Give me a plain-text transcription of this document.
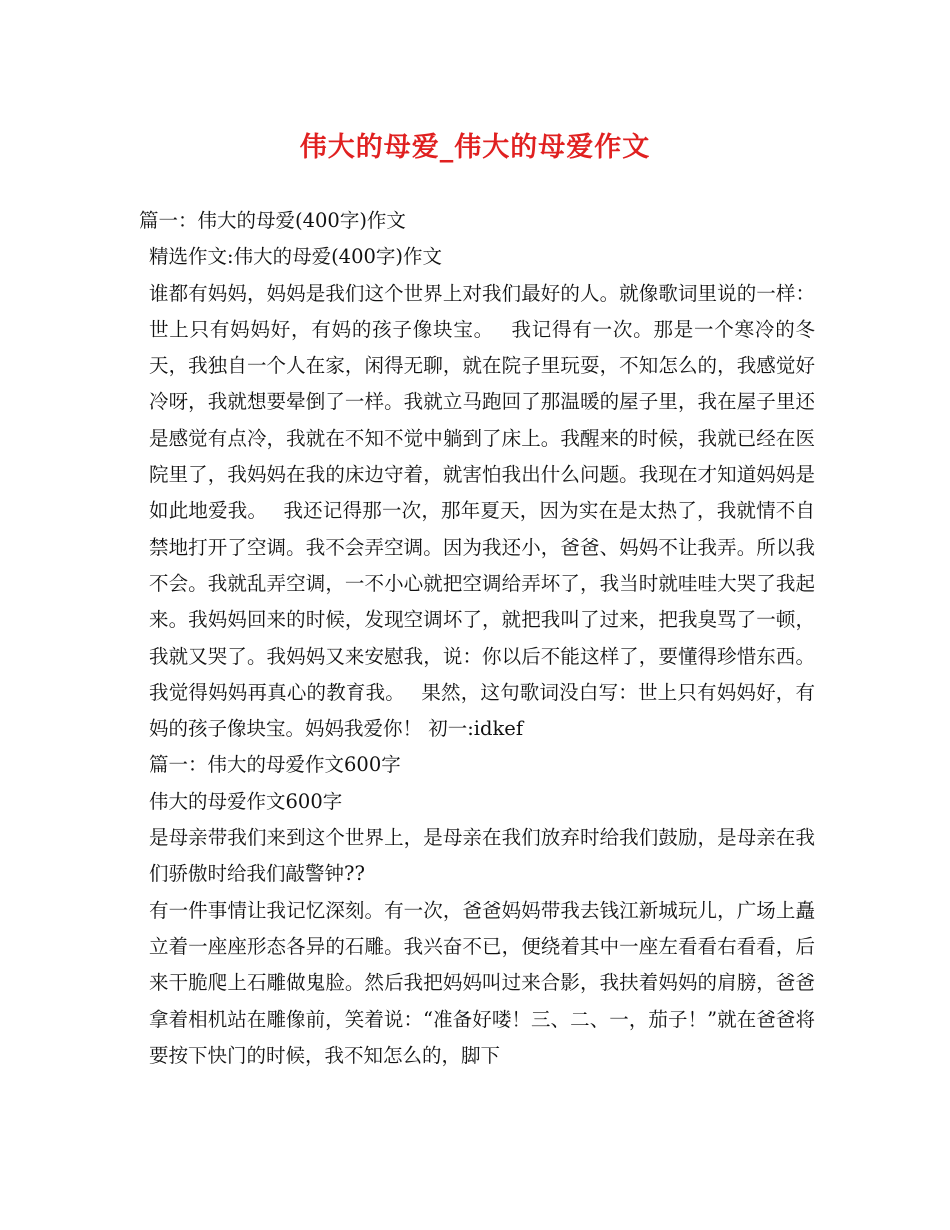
伟大的母爱_伟大的母爱作文

篇一：伟大的母爱(400字)作文

精选作文:伟大的母爱(400字)作文

谁都有妈妈，妈妈是我们这个世界上对我们最好的人。就像歌词里说的一样：世上只有妈妈好，有妈的孩子像块宝。　 我记得有一次。那是一个寒冷的冬天，我独自一个人在家，闲得无聊，就在院子里玩耍，不知怎么的，我感觉好冷呀，我就想要晕倒了一样。我就立马跑回了那温暖的屋子里，我在屋子里还是感觉有点冷，我就在不知不觉中躺到了床上。我醒来的时候，我就已经在医院里了，我妈妈在我的床边守着，就害怕我出什么问题。我现在才知道妈妈是如此地爱我。　 我还记得那一次，那年夏天，因为实在是太热了，我就情不自禁地打开了空调。我不会弄空调。因为我还小，爸爸、妈妈不让我弄。所以我不会。我就乱弄空调，一不小心就把空调给弄坏了，我当时就哇哇大哭了我起来。我妈妈回来的时候，发现空调坏了，就把我叫了过来，把我臭骂了一顿，我就又哭了。我妈妈又来安慰我，说：你以后不能这样了，要懂得珍惜东西。我觉得妈妈再真心的教育我。　 果然，这句歌词没白写：世上只有妈妈好，有妈的孩子像块宝。妈妈我爱你！ 初一:idkef

篇一：伟大的母爱作文600字

伟大的母爱作文600字

是母亲带我们来到这个世界上，是母亲在我们放弃时给我们鼓励，是母亲在我们骄傲时给我们敲警钟??

有一件事情让我记忆深刻。有一次，爸爸妈妈带我去钱江新城玩儿，广场上矗立着一座座形态各异的石雕。我兴奋不已，便绕着其中一座左看看右看看，后来干脆爬上石雕做鬼脸。然后我把妈妈叫过来合影，我扶着妈妈的肩膀，爸爸拿着相机站在雕像前，笑着说：“准备好喽！三、二、一，茄子！”就在爸爸将要按下快门的时候，我不知怎么的，脚下
